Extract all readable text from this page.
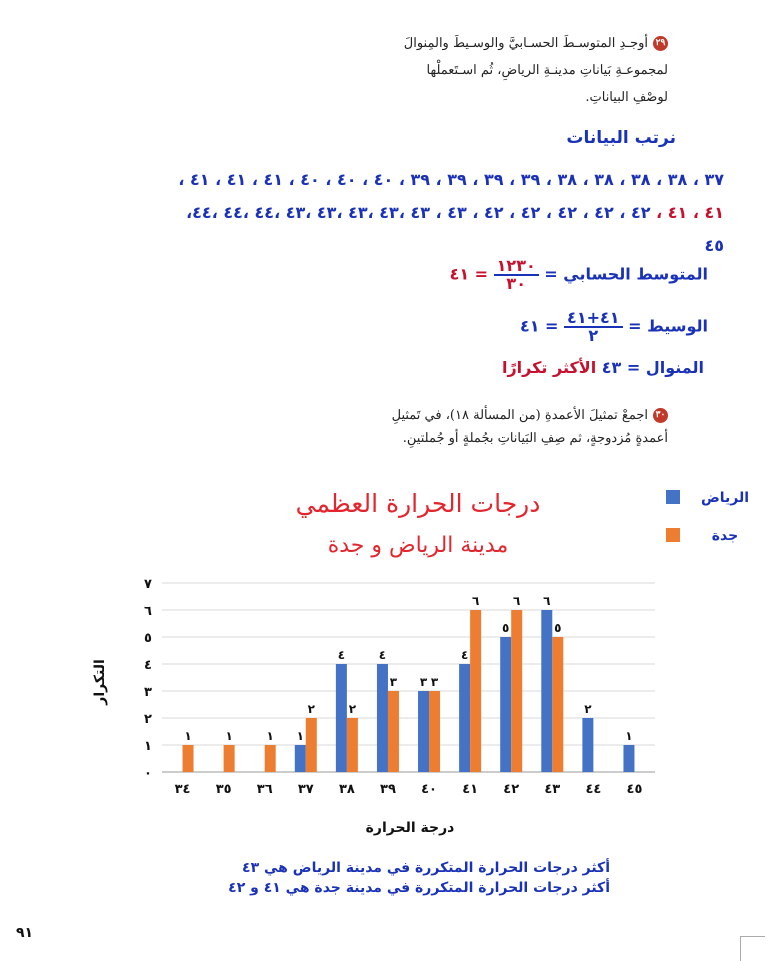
٢٩أوجـدِ المتوسـطَ الحسـابيَّ والوسـيطَ والمِنوالَ
لمجموعـةِ بَياناتِ مدينـةِ الرياضِ، ثُم اسـتَعملْها
لوصْفِ البياناتِ.
نرتب البيانات
٣٧ ، ٣٨ ، ٣٨ ، ٣٨ ، ٣٨ ، ٣٩ ، ٣٩ ، ٣٩ ، ٣٩ ، ٤٠ ، ٤٠ ، ٤٠ ، ٤١ ، ٤١ ، ٤١ ،
٤١ ، ٤١ ، ٤٢ ، ٤٢ ، ٤٢ ، ٤٢ ، ٤٢ ، ٤٣ ، ٤٣ ،٤٣ ،٤٣ ،٤٣ ،٤٣ ،٤٤ ،٤٤ ،٤٤،
٤٥
المتوسط الحسابي =
$\frac{١٢٣٠}{٣٠}$
= ٤١
الوسيط =
$\frac{٤١+٤١}{٢}$
= ٤١
المنوال = ٤٣ الأكثر تكرارًا
٣٠اجمعْ تمثيلَ الأعمدةِ (من المسألة ١٨)، في تَمثيلِ
أعمدةٍ مُزدوجةٍ، ثم صِفِ البَياناتِ بجُملةٍ أو جُملتينِ.
درجات الحرارة العظمي
مدينة الرياض و جدة
الرياض
جدة
٠
١
٢
٣
٤
٥
٦
٧
التكرار
١
٣٤
١
٣٥
١
٣٦
١
٢
٣٧
٤
٢
٣٨
٤
٣
٣٩
٣ ٣
٤٠
٤
٦
٤١
٥
٦
٤٢
٦
٥
٤٣
٢
٤٤
١
٤٥
درجة الحرارة
أكثر درجات الحرارة المتكررة في مدينة الرياض هي ٤٣
أكثر درجات الحرارة المتكررة في مدينة جدة هي ٤١ و ٤٢
٩١
